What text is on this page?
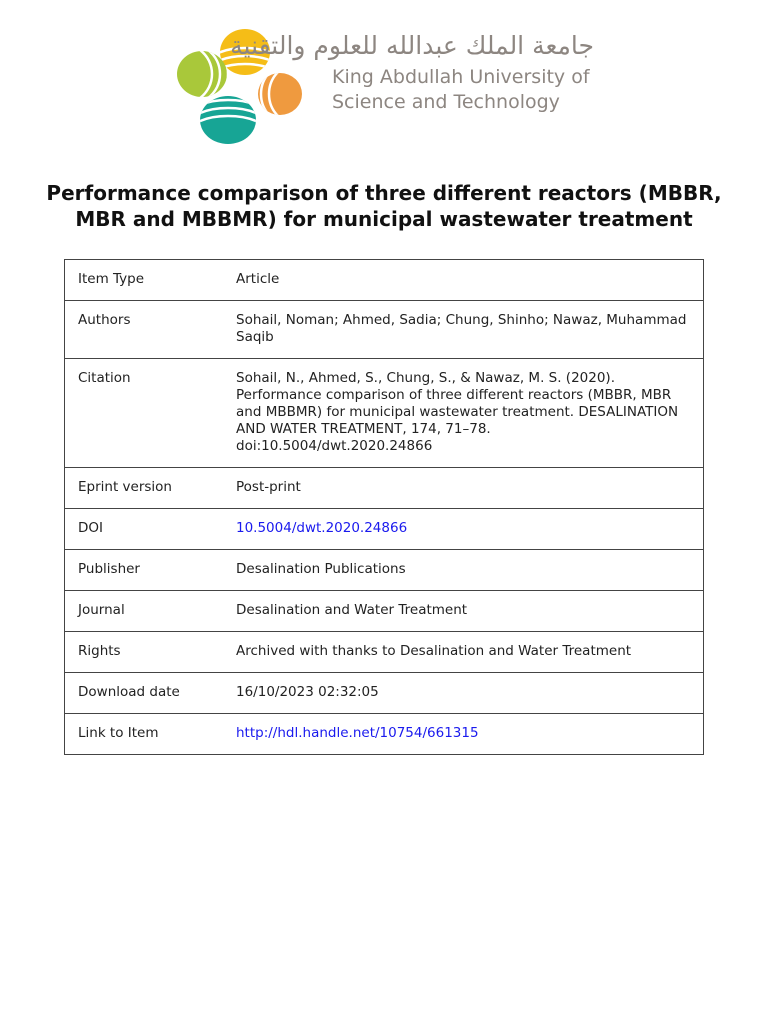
جامعة الملك عبدالله للعلوم والتقنية
King Abdullah University of
Science and Technology
Performance comparison of three different reactors (MBBR, MBR and MBBMR) for municipal wastewater treatment
Item Type	Article
Authors	Sohail, Noman; Ahmed, Sadia; Chung, Shinho; Nawaz, Muhammad Saqib
Citation	Sohail, N., Ahmed, S., Chung, S., & Nawaz, M. S. (2020). Performance comparison of three different reactors (MBBR, MBR and MBBMR) for municipal wastewater treatment. DESALINATION AND WATER TREATMENT, 174, 71–78. doi:10.5004/dwt.2020.24866
Eprint version	Post-print
DOI	10.5004/dwt.2020.24866
Publisher	Desalination Publications
Journal	Desalination and Water Treatment
Rights	Archived with thanks to Desalination and Water Treatment
Download date	16/10/2023 02:32:05
Link to Item	http://hdl.handle.net/10754/661315
